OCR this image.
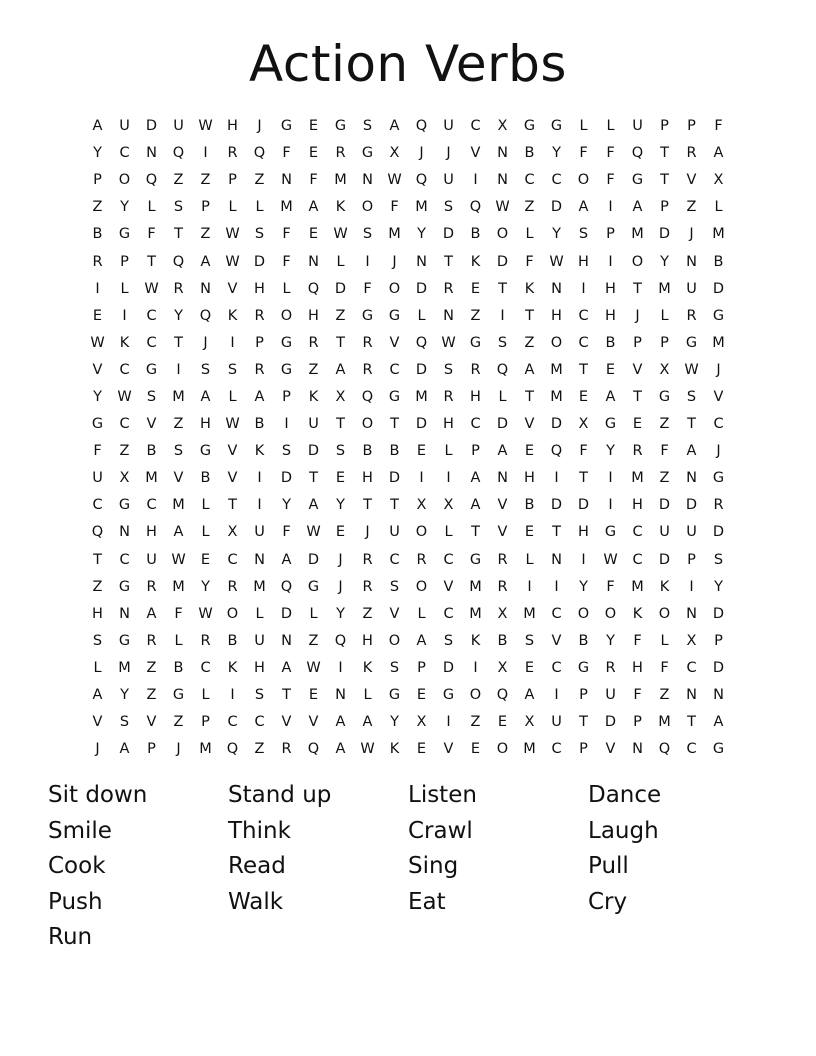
Action Verbs
A	U	D	U	W H	J	G	E	G	S	A	Q	U	C	X	G	G	L	L	U	P	P	F
Y	C	N	Q	I	R	Q	F	E	R	G	X	J	J	V	N	B	Y	F	F	Q	T	R	A
P	O	Q	Z	Z	P	Z	N	F	M	N W Q	U	I	N	C	C	O	F	G	T	V	X
Z	Y	L	S	P	L	L	M	A	K	O	F	M	S	Q W	Z	D	A	I	A	P	Z	L
B	G	F	T	Z	W	S	F	E	W	S	M	Y	D	B	O	L	Y	S	P	M	D	J	M
R	P	T	Q	A	W D	F	N	L	I	J	N	T	K	D	F	W H	I	O	Y	N	B
I	L	W	R	N	V	H	L	Q	D	F	O	D	R	E	T	K	N	I	H	T	M	U	D
E	I	C	Y	Q	K	R	O	H	Z	G	G	L	N	Z	I	T	H	C	H	J	L	R	G
W	K	C	T	J	I	P	G	R	T	R	V	Q W G	S	Z	O	C	B	P	P	G	M
V	C	G	I	S	S	R	G	Z	A	R	C	D	S	R	Q	A	M	T	E	V	X	W	J
Y	W	S	M	A	L	A	P	K	X	Q	G	M	R	H	L	T	M	E	A	T	G	S	V
G	C	V	Z	H W	B	I	U	T	O	T	D	H	C	D	V	D	X	G	E	Z	T	C
F	Z	B	S	G	V	K	S	D	S	B	B	E	L	P	A	E	Q	F	Y	R	F	A	J
U	X	M	V	B	V	I	D	T	E	H	D	I	I	A	N	H	I	T	I	M	Z	N	G
C	G	C	M	L	T	I	Y	A	Y	T	T	X	X	A	V	B	D	D	I	H	D	D	R
Q	N	H	A	L	X	U	F	W	E	J	U	O	L	T	V	E	T	H	G	C	U	U	D
T	C	U	W	E	C	N	A	D	J	R	C	R	C	G	R	L	N	I	W	C	D	P	S
Z	G	R	M	Y	R	M	Q	G	J	R	S	O	V	M	R	I	I	Y	F	M	K	I	Y
H	N	A	F	W O	L	D	L	Y	Z	V	L	C	M	X	M	C	O	O	K	O	N	D
S	G	R	L	R	B	U	N	Z	Q	H	O	A	S	K	B	S	V	B	Y	F	L	X	P
L	M	Z	B	C	K	H	A	W	I	K	S	P	D	I	X	E	C	G	R	H	F	C	D
A	Y	Z	G	L	I	S	T	E	N	L	G	E	G	O	Q	A	I	P	U	F	Z	N	N
V	S	V	Z	P	C	C	V	V	A	A	Y	X	I	Z	E	X	U	T	D	P	M	T	A
J	A	P	J	M	Q	Z	R	Q	A	W	K	E	V	E	O	M	C	P	V	N	Q	C	G
Sit down	Stand up	Listen	Dance
Smile	Think	Crawl	Laugh
Cook	Read	Sing	Pull
Push	Walk	Eat	Cry
Run
